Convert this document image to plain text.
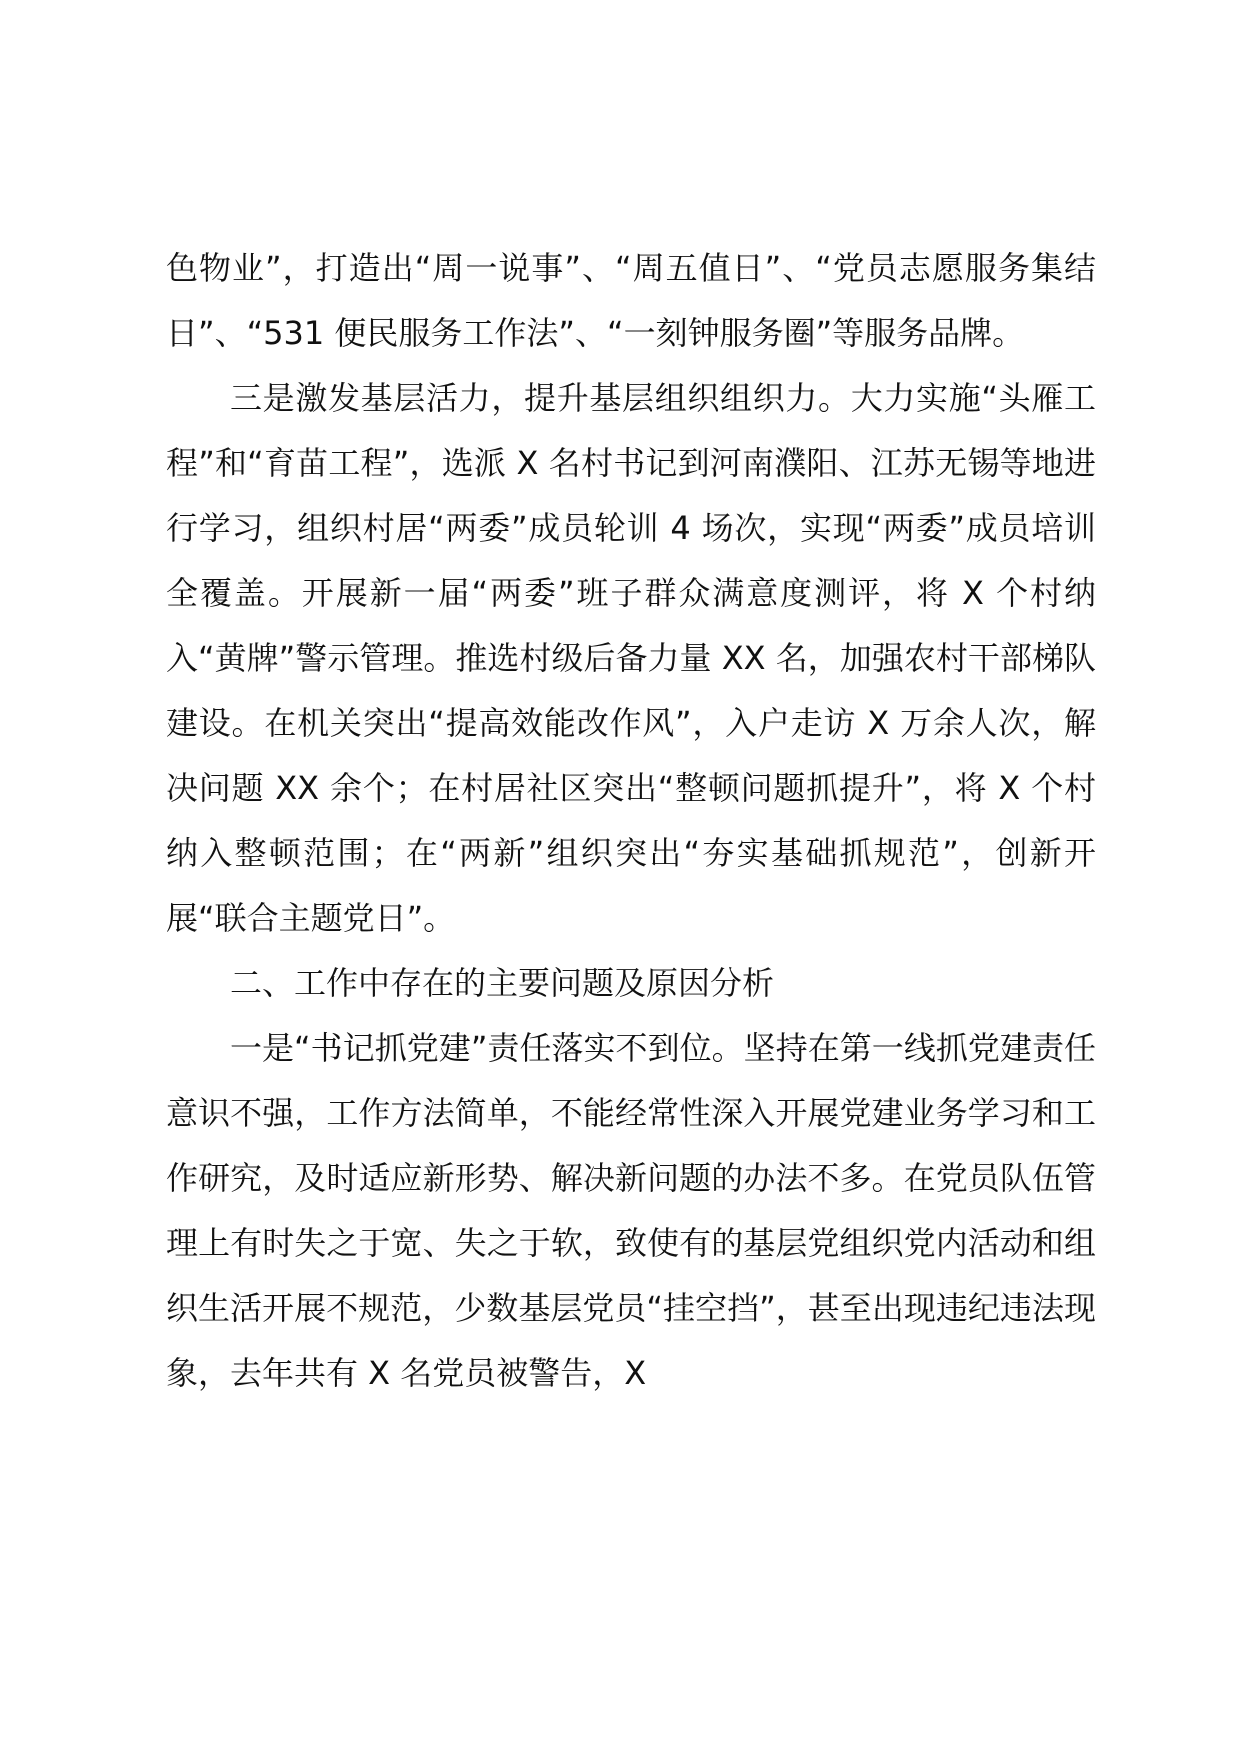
色物业”，打造出“周一说事”、“周五值日”、“党员志愿服务集结日”、“531 便民服务工作法”、“一刻钟服务圈”等服务品牌。

三是激发基层活力，提升基层组织组织力。大力实施“头雁工程”和“育苗工程”，选派 X 名村书记到河南濮阳、江苏无锡等地进行学习，组织村居“两委”成员轮训 4 场次，实现“两委”成员培训全覆盖。开展新一届“两委”班子群众满意度测评，将 X 个村纳入“黄牌”警示管理。推选村级后备力量 XX 名，加强农村干部梯队建设。在机关突出“提高效能改作风”，入户走访 X 万余人次，解决问题 XX 余个；在村居社区突出“整顿问题抓提升”，将 X 个村纳入整顿范围；在“两新”组织突出“夯实基础抓规范”，创新开展“联合主题党日”。

二、工作中存在的主要问题及原因分析

一是“书记抓党建”责任落实不到位。坚持在第一线抓党建责任意识不强，工作方法简单，不能经常性深入开展党建业务学习和工作研究，及时适应新形势、解决新问题的办法不多。在党员队伍管理上有时失之于宽、失之于软，致使有的基层党组织党内活动和组织生活开展不规范，少数基层党员“挂空挡”，甚至出现违纪违法现象，去年共有 X 名党员被警告，X
